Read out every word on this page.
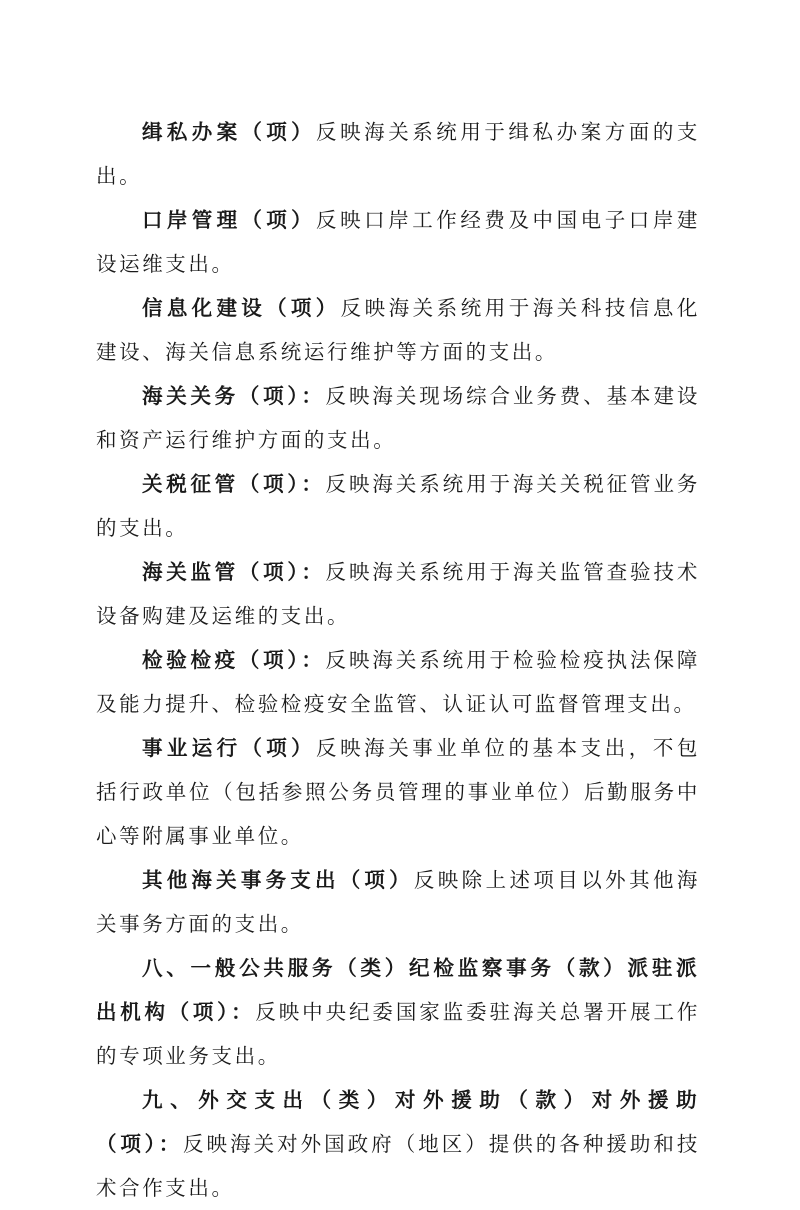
缉私办案（项）反映海关系统用于缉私办案方面的支出。

口岸管理（项）反映口岸工作经费及中国电子口岸建设运维支出。

信息化建设（项）反映海关系统用于海关科技信息化建设、海关信息系统运行维护等方面的支出。

海关关务（项）：反映海关现场综合业务费、基本建设和资产运行维护方面的支出。

关税征管（项）：反映海关系统用于海关关税征管业务的支出。

海关监管（项）：反映海关系统用于海关监管查验技术设备购建及运维的支出。

检验检疫（项）：反映海关系统用于检验检疫执法保障及能力提升、检验检疫安全监管、认证认可监督管理支出。

事业运行（项）反映海关事业单位的基本支出，不包括行政单位（包括参照公务员管理的事业单位）后勤服务中心等附属事业单位。

其他海关事务支出（项）反映除上述项目以外其他海关事务方面的支出。

八、一般公共服务（类）纪检监察事务（款）派驻派出机构（项）：反映中央纪委国家监委驻海关总署开展工作的专项业务支出。

九、外交支出（类）对外援助（款）对外援助（项）：反映海关对外国政府（地区）提供的各种援助和技术合作支出。
